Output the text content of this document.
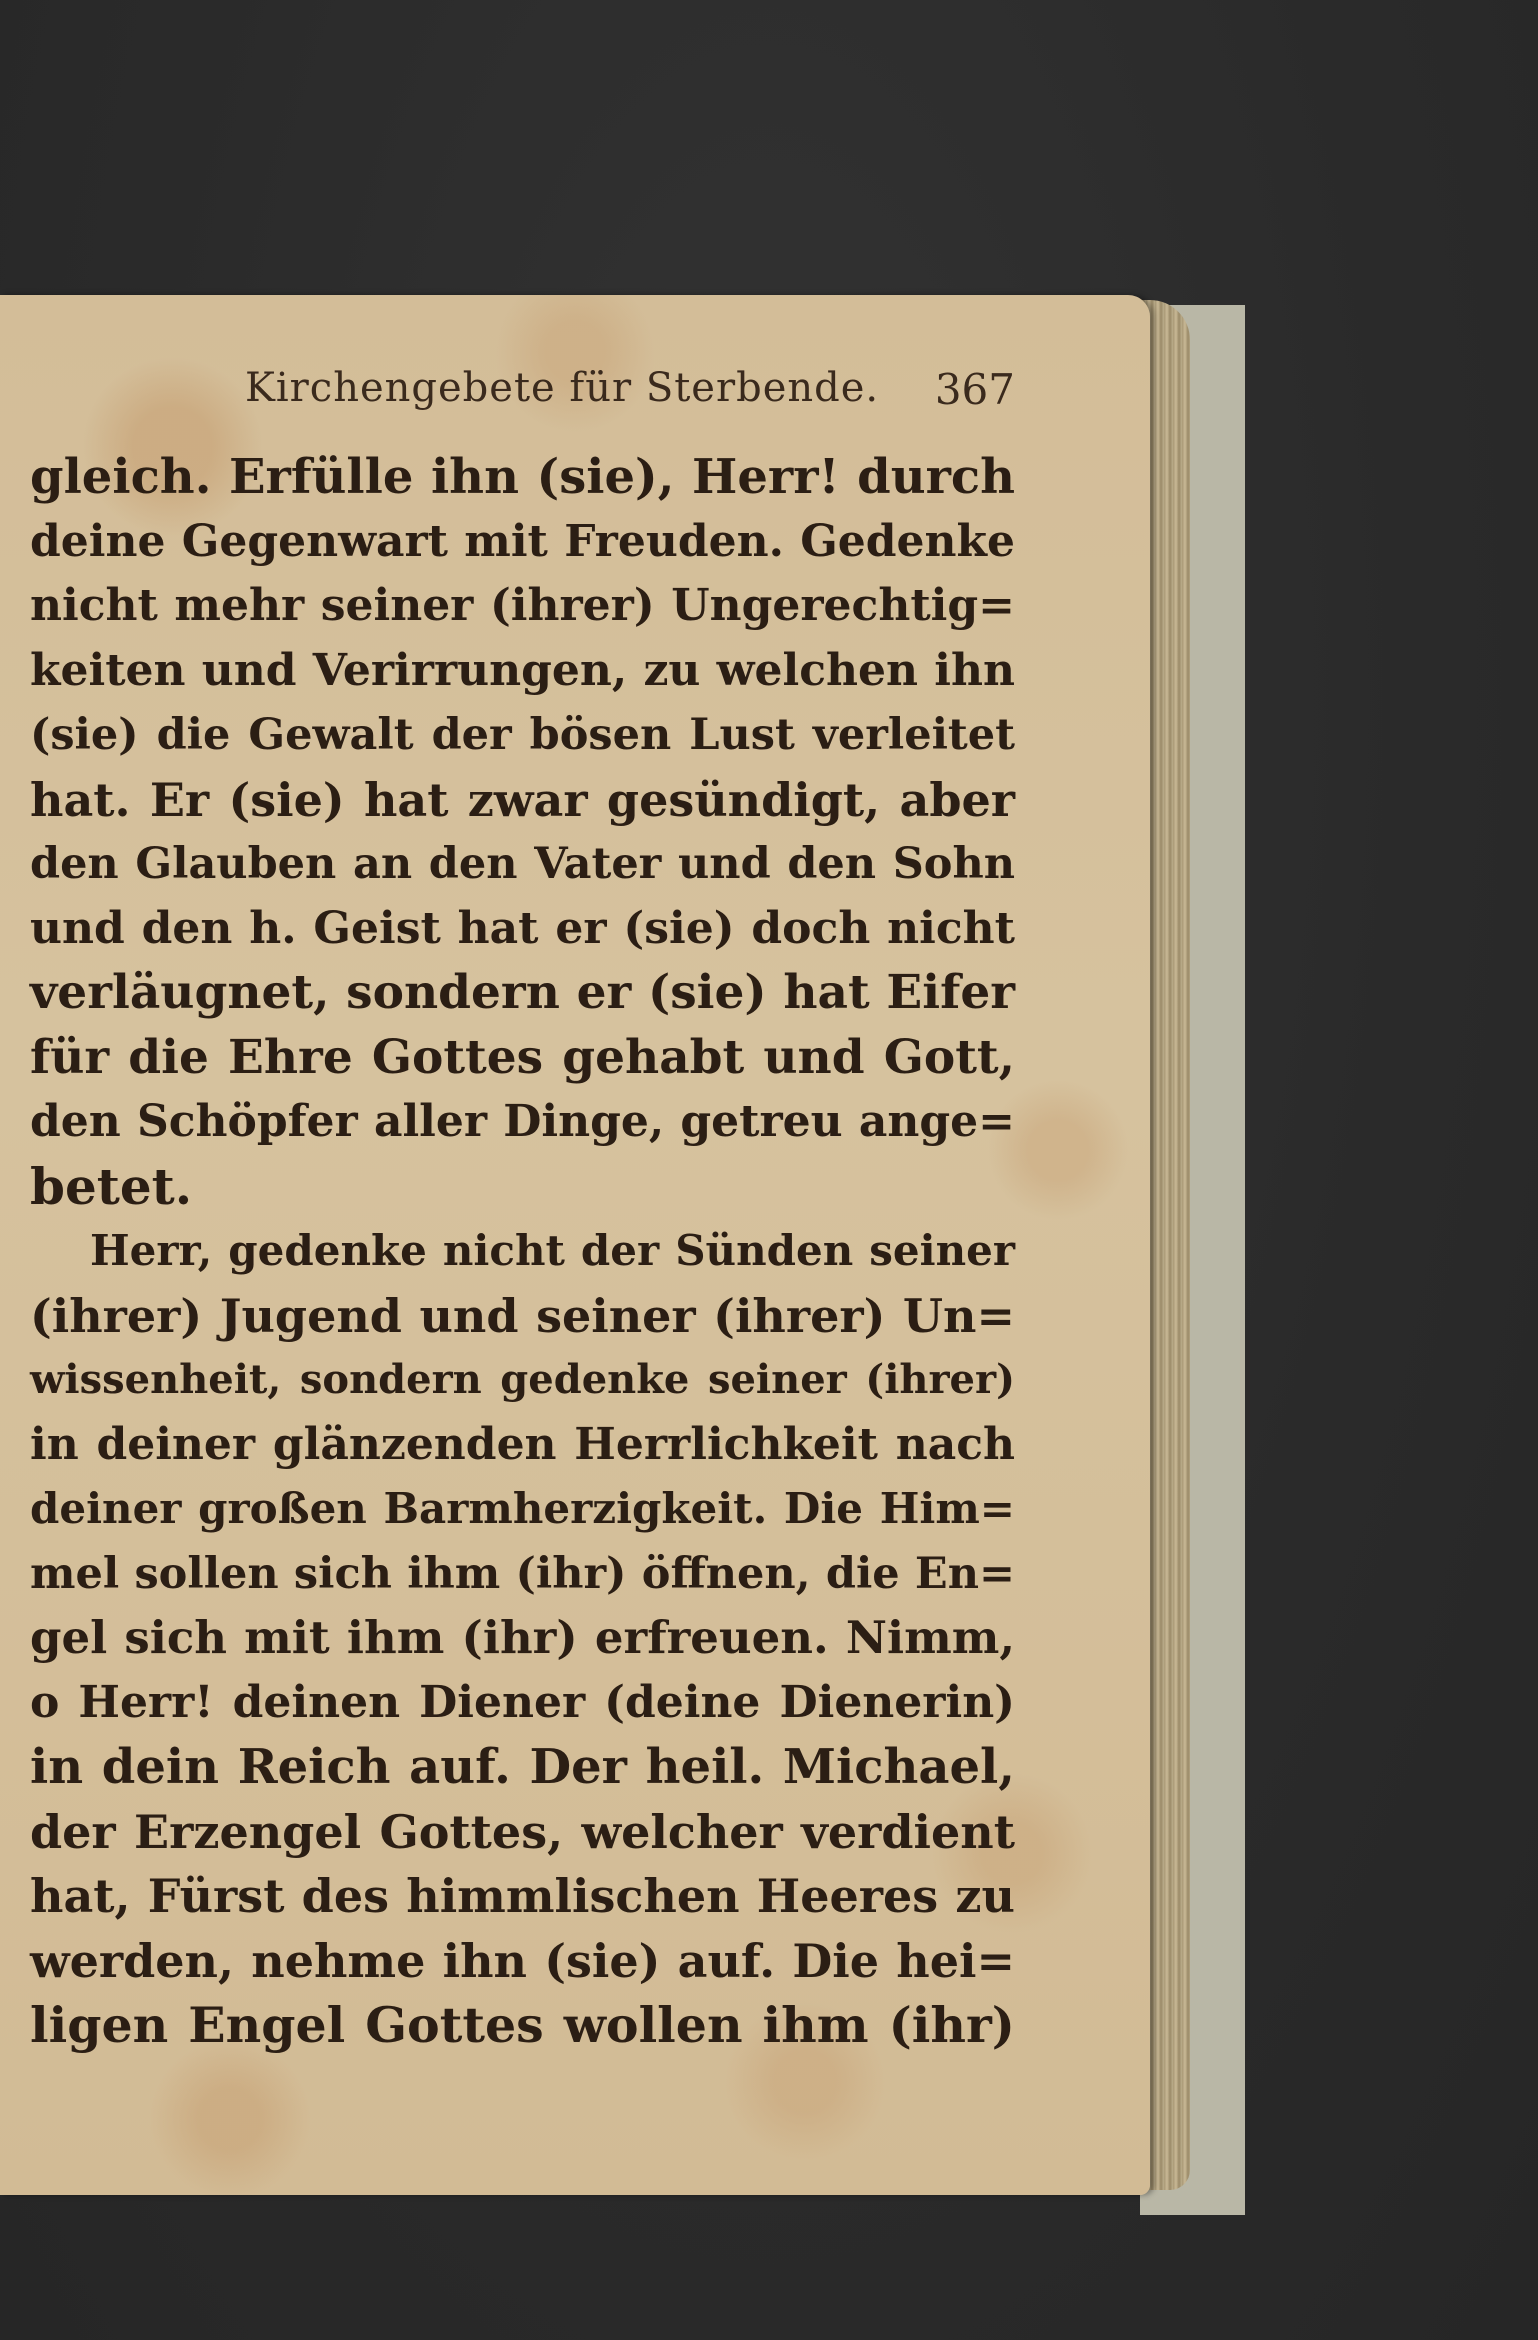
Kirchengebete für Sterbende. 367
gleich. Erfülle ihn (sie), Herr! durch
deine Gegenwart mit Freuden. Gedenke
nicht mehr seiner (ihrer) Ungerechtig=
keiten und Verirrungen, zu welchen ihn
(sie) die Gewalt der bösen Lust verleitet
hat. Er (sie) hat zwar gesündigt, aber
den Glauben an den Vater und den Sohn
und den h. Geist hat er (sie) doch nicht
verläugnet, sondern er (sie) hat Eifer
für die Ehre Gottes gehabt und Gott,
den Schöpfer aller Dinge, getreu ange=
betet.
Herr, gedenke nicht der Sünden seiner
(ihrer) Jugend und seiner (ihrer) Un=
wissenheit, sondern gedenke seiner (ihrer)
in deiner glänzenden Herrlichkeit nach
deiner großen Barmherzigkeit. Die Him=
mel sollen sich ihm (ihr) öffnen, die En=
gel sich mit ihm (ihr) erfreuen. Nimm,
o Herr! deinen Diener (deine Dienerin)
in dein Reich auf. Der heil. Michael,
der Erzengel Gottes, welcher verdient
hat, Fürst des himmlischen Heeres zu
werden, nehme ihn (sie) auf. Die hei=
ligen Engel Gottes wollen ihm (ihr)
